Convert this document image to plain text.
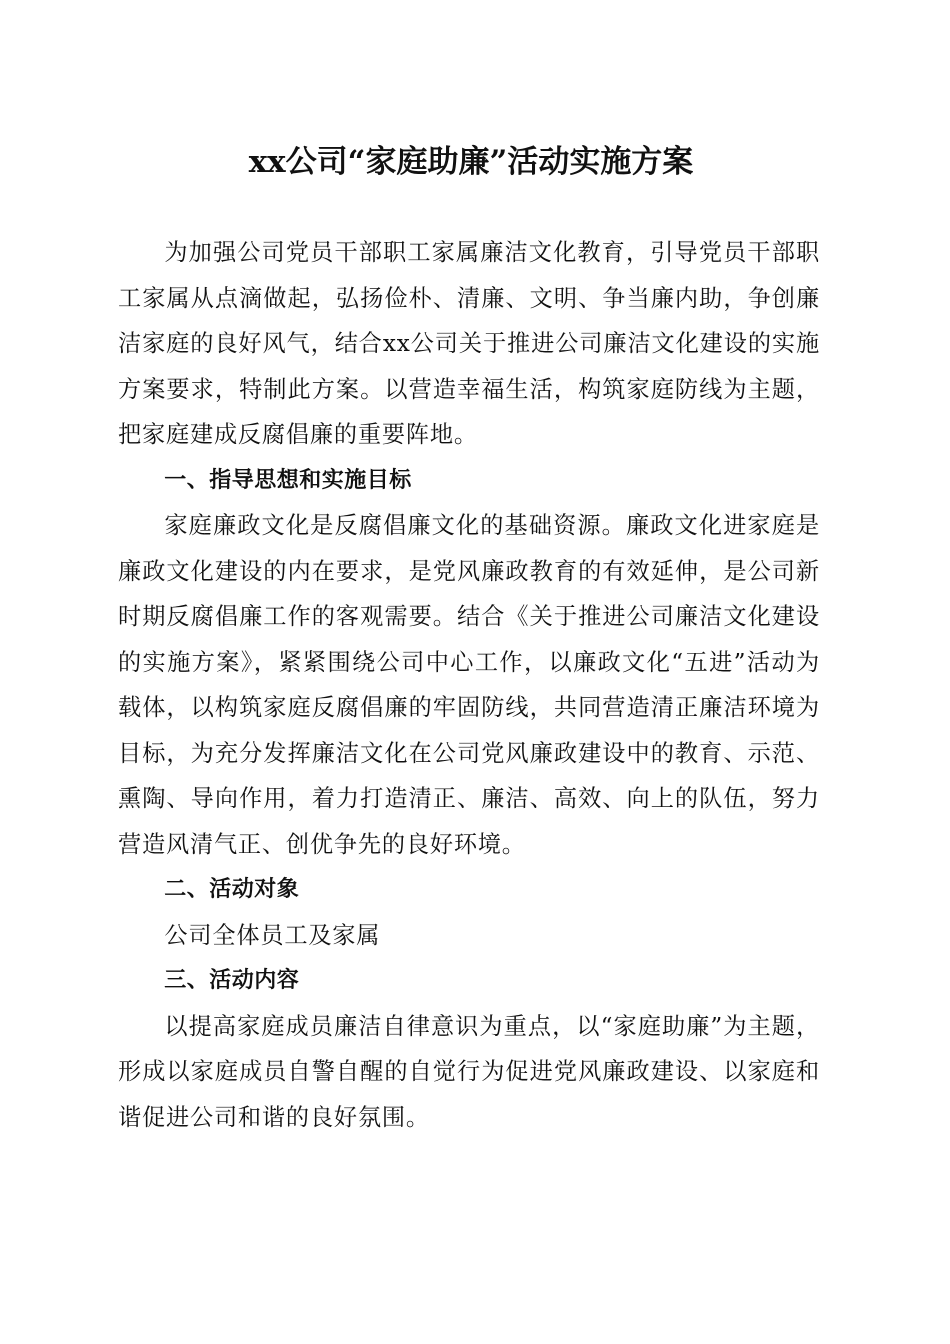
xx公司“家庭助廉”活动实施方案

为加强公司党员干部职工家属廉洁文化教育，引导党员干部职工家属从点滴做起，弘扬俭朴、清廉、文明、争当廉内助，争创廉洁家庭的良好风气，结合xx公司关于推进公司廉洁文化建设的实施方案要求，特制此方案。以营造幸福生活，构筑家庭防线为主题，把家庭建成反腐倡廉的重要阵地。

一、指导思想和实施目标

家庭廉政文化是反腐倡廉文化的基础资源。廉政文化进家庭是廉政文化建设的内在要求，是党风廉政教育的有效延伸，是公司新时期反腐倡廉工作的客观需要。结合《关于推进公司廉洁文化建设的实施方案》，紧紧围绕公司中心工作，以廉政文化“五进”活动为载体，以构筑家庭反腐倡廉的牢固防线，共同营造清正廉洁环境为目标，为充分发挥廉洁文化在公司党风廉政建设中的教育、示范、熏陶、导向作用，着力打造清正、廉洁、高效、向上的队伍，努力营造风清气正、创优争先的良好环境。

二、活动对象

公司全体员工及家属

三、活动内容

以提高家庭成员廉洁自律意识为重点，以“家庭助廉”为主题，形成以家庭成员自警自醒的自觉行为促进党风廉政建设、以家庭和谐促进公司和谐的良好氛围。
